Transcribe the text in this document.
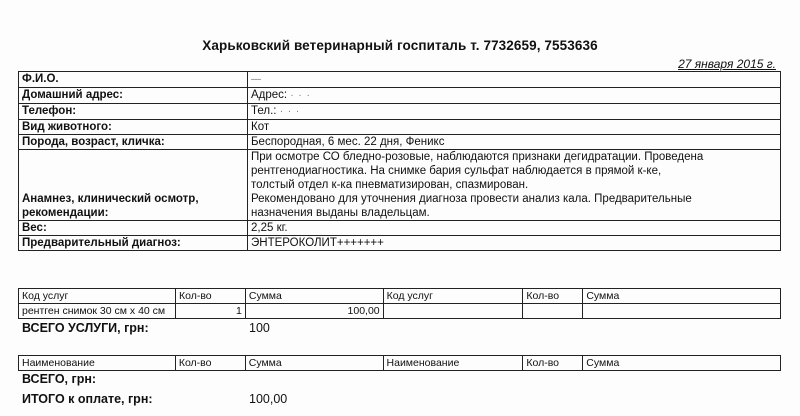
Харьковский ветеринарный госпиталь т. 7732659, 7553636
27 января 2015 г.
Ф.И.О.	—
Домашний адрес:	Адрес: · · ·
Телефон:	Тел.: · · ·
Вид животного:	Кот
Порода, возраст, кличка:	Беспородная, 6 мес. 22 дня, Феникс
Анамнез, клинический осмотр, рекомендации:	При осмотре СО бледно-розовые, наблюдаются признаки дегидратации. Проведена
рентгенодиагностика. На снимке бария сульфат наблюдается в прямой к-ке,
толстый отдел к-ка пневматизирован, спазмирован.
Рекомендовано для уточнения диагноза провести анализ кала. Предварительные
назначения выданы владельцам.

Вес:	2,25 кг.
Предварительный диагноз:	ЭНТЕРОКОЛИТ+++++++
Код услуг	Кол-во	Сумма	Код услуг	Кол-во	Сумма
рентген снимок 30 см х 40 см	1	100,00			
ВСЕГО УСЛУГИ, грн:	100
Наименование	Кол-во	Сумма	Наименование	Кол-во	Сумма
ВСЕГО, грн:
ИТОГО к оплате, грн:	100,00
